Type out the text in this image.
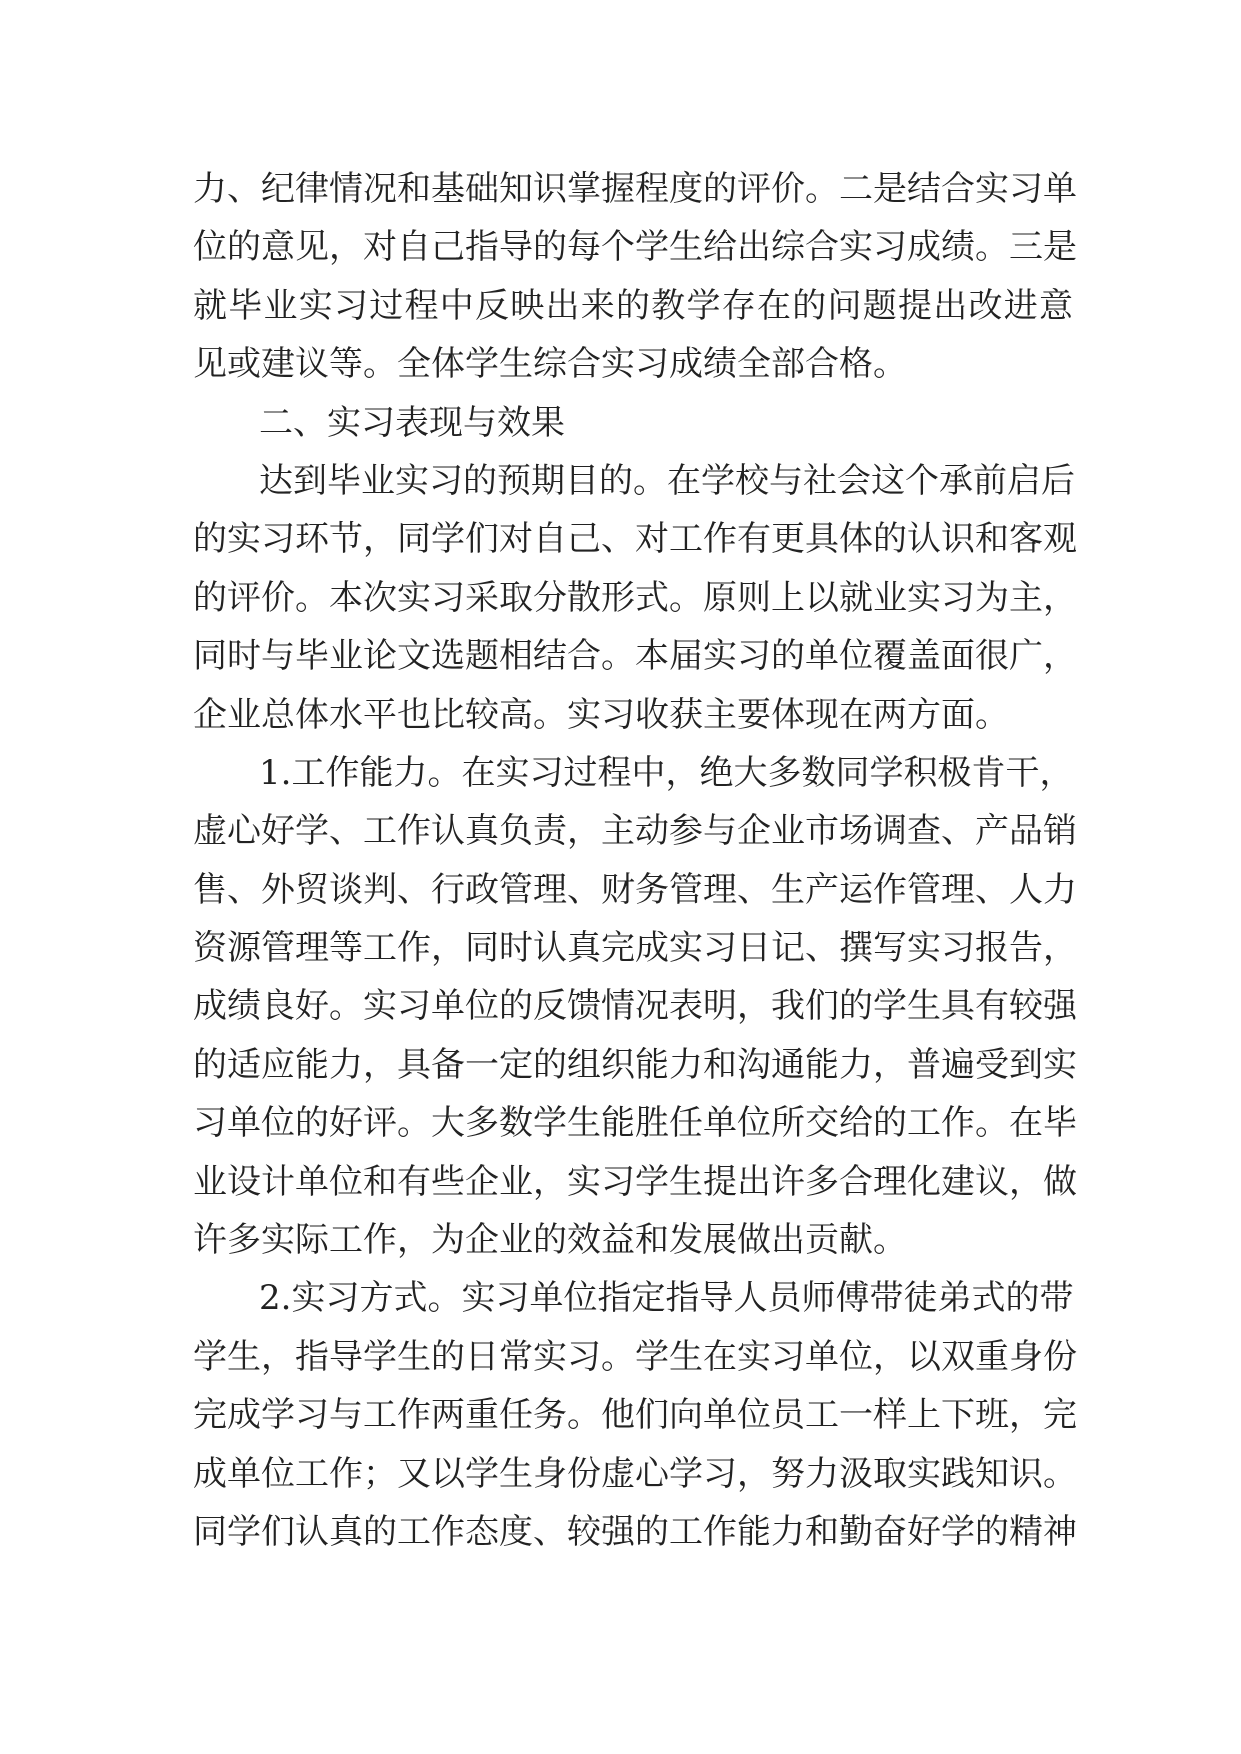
力、纪律情况和基础知识掌握程度的评价。二是结合实习单
位的意见，对自己指导的每个学生给出综合实习成绩。三是
就毕业实习过程中反映出来的教学存在的问题提出改进意
见或建议等。全体学生综合实习成绩全部合格。
二、实习表现与效果
达到毕业实习的预期目的。在学校与社会这个承前启后
的实习环节，同学们对自己、对工作有更具体的认识和客观
的评价。本次实习采取分散形式。原则上以就业实习为主，
同时与毕业论文选题相结合。本届实习的单位覆盖面很广，
企业总体水平也比较高。实习收获主要体现在两方面。
1.工作能力。在实习过程中，绝大多数同学积极肯干，
虚心好学、工作认真负责，主动参与企业市场调查、产品销
售、外贸谈判、行政管理、财务管理、生产运作管理、人力
资源管理等工作，同时认真完成实习日记、撰写实习报告，
成绩良好。实习单位的反馈情况表明，我们的学生具有较强
的适应能力，具备一定的组织能力和沟通能力，普遍受到实
习单位的好评。大多数学生能胜任单位所交给的工作。在毕
业设计单位和有些企业，实习学生提出许多合理化建议，做
许多实际工作，为企业的效益和发展做出贡献。
2.实习方式。实习单位指定指导人员师傅带徒弟式的带
学生，指导学生的日常实习。学生在实习单位，以双重身份
完成学习与工作两重任务。他们向单位员工一样上下班，完
成单位工作；又以学生身份虚心学习，努力汲取实践知识。
同学们认真的工作态度、较强的工作能力和勤奋好学的精神
